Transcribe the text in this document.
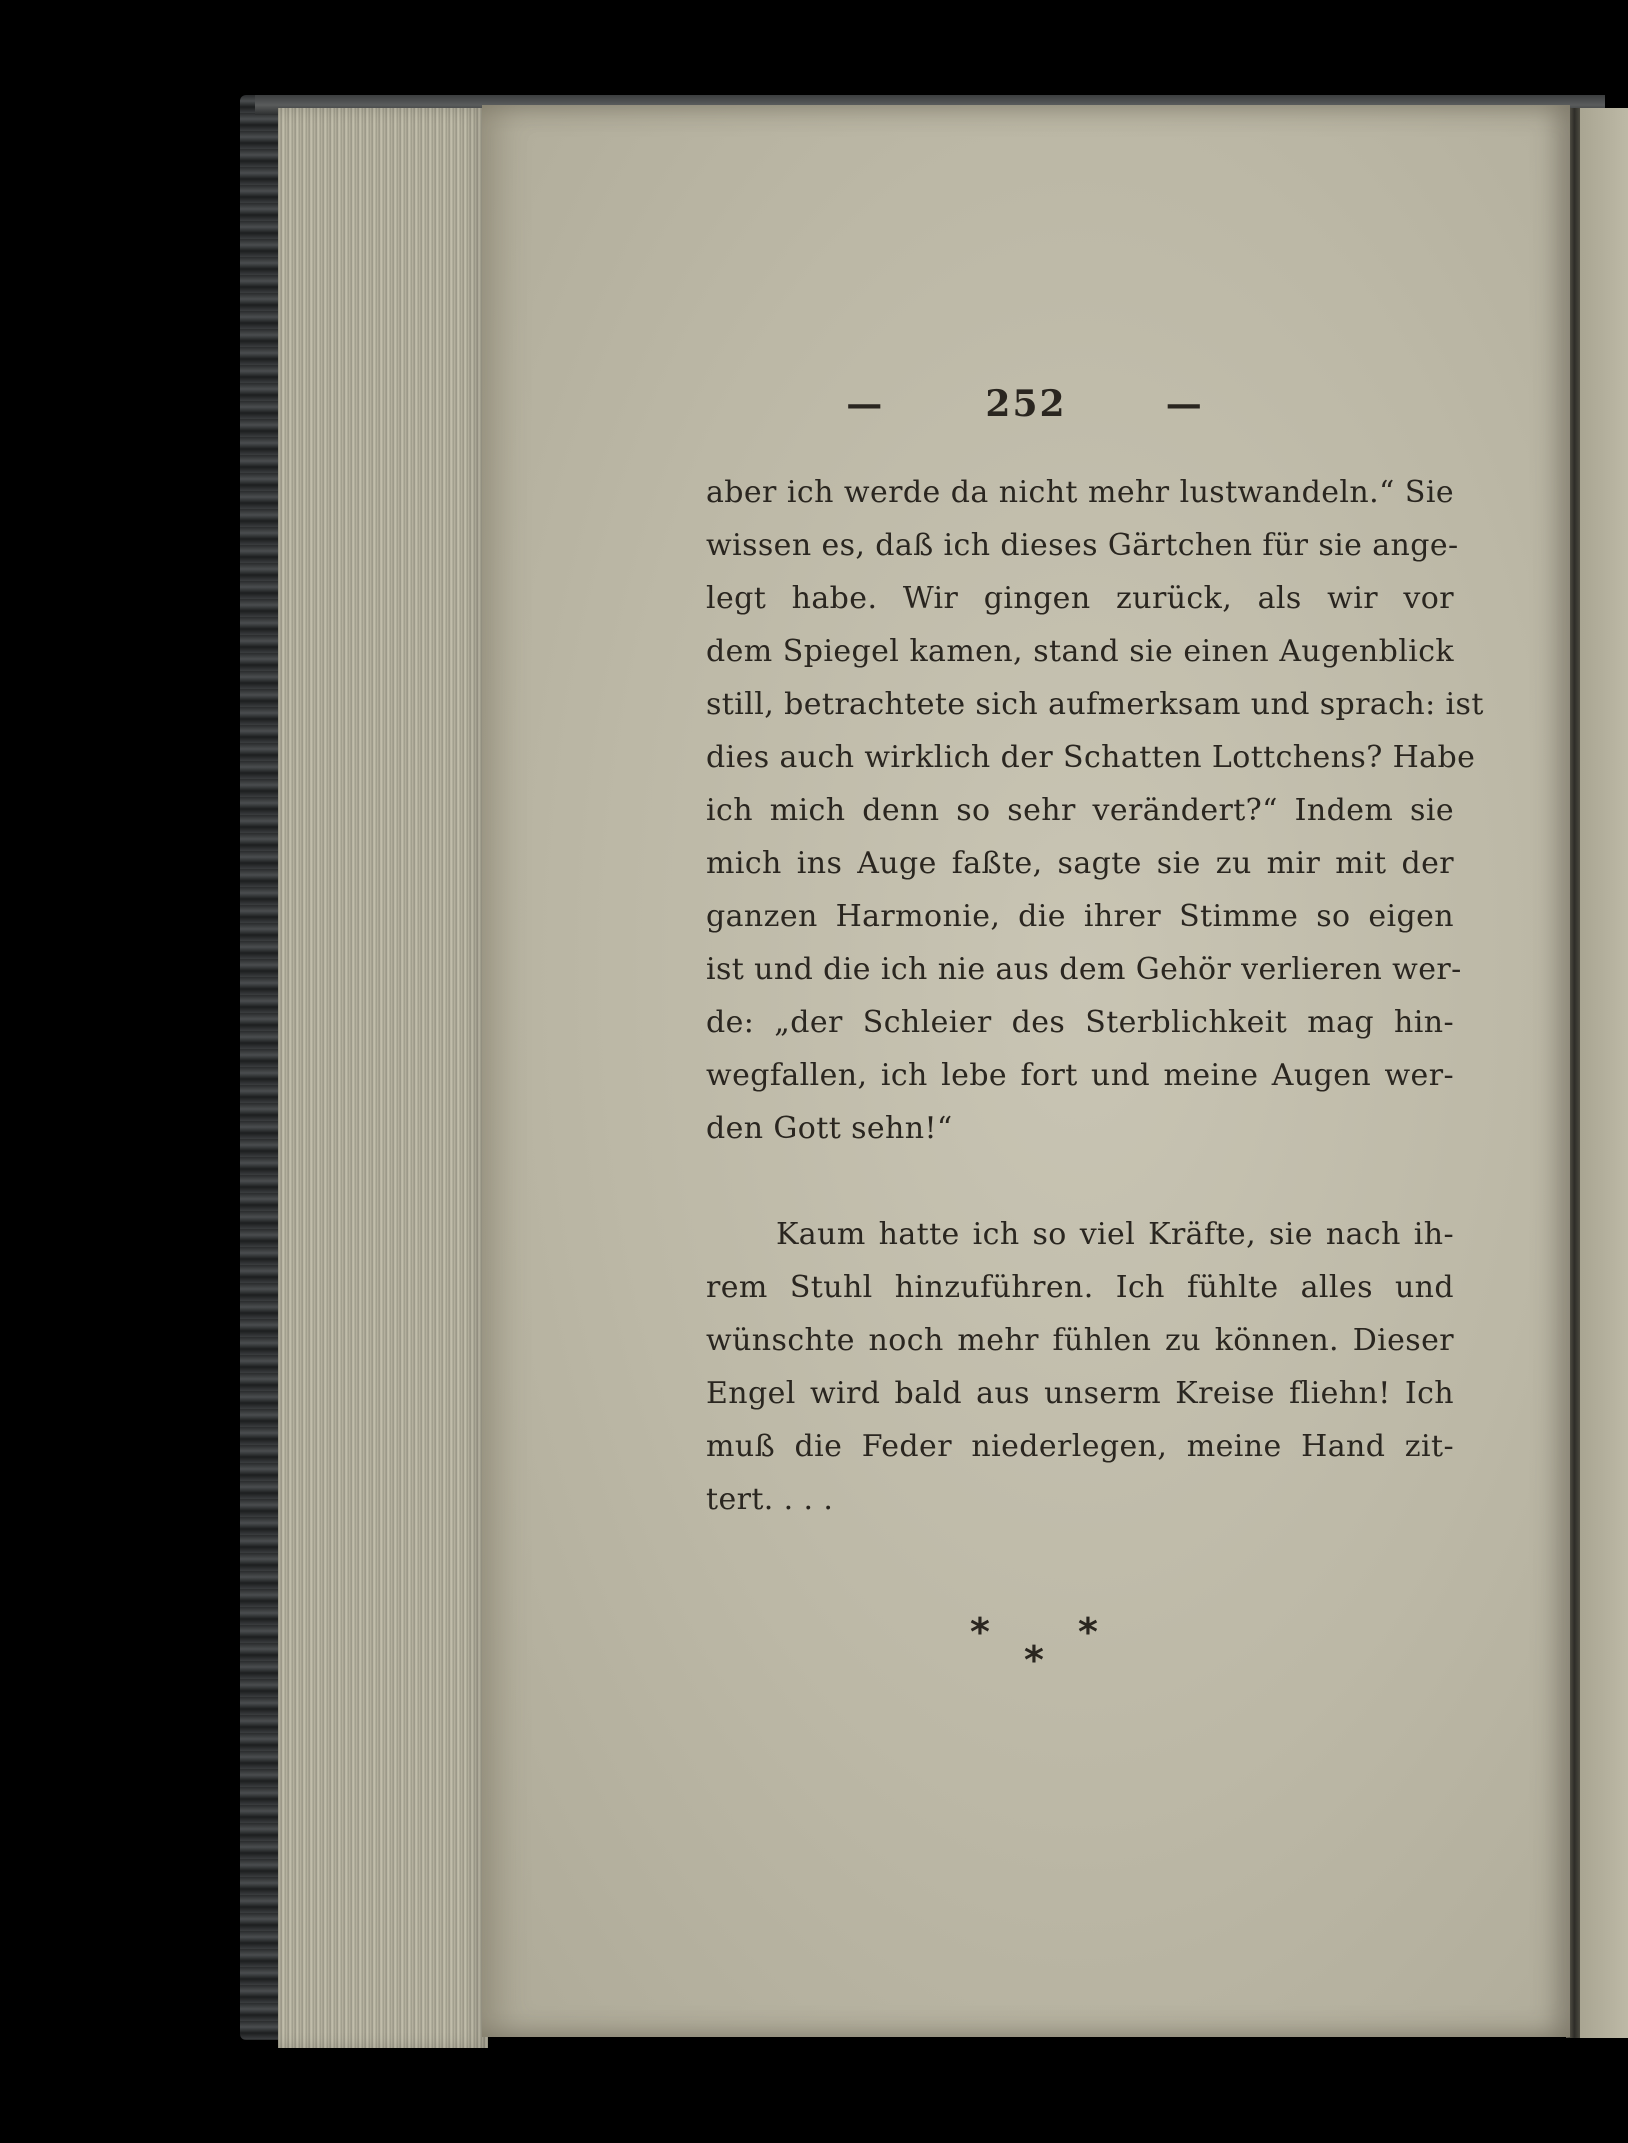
—	252	—
aber ich werde da nicht mehr lustwandeln.“ Sie
wissen es, daß ich dieses Gärtchen für sie ange-
legt habe. Wir gingen zurück, als wir vor
dem Spiegel kamen, stand sie einen Augenblick
still, betrachtete sich aufmerksam und sprach: ist
dies auch wirklich der Schatten Lottchens? Habe
ich mich denn so sehr verändert?“ Indem sie
mich ins Auge faßte, sagte sie zu mir mit der
ganzen Harmonie, die ihrer Stimme so eigen
ist und die ich nie aus dem Gehör verlieren wer-
de: „der Schleier des Sterblichkeit mag hin-
wegfallen, ich lebe fort und meine Augen wer-
den Gott sehn!“
Kaum hatte ich so viel Kräfte, sie nach ih-
rem Stuhl hinzuführen. Ich fühlte alles und
wünschte noch mehr fühlen zu können. Dieser
Engel wird bald aus unserm Kreise fliehn! Ich
muß die Feder niederlegen, meine Hand zit-
tert. . . .
* *
*
